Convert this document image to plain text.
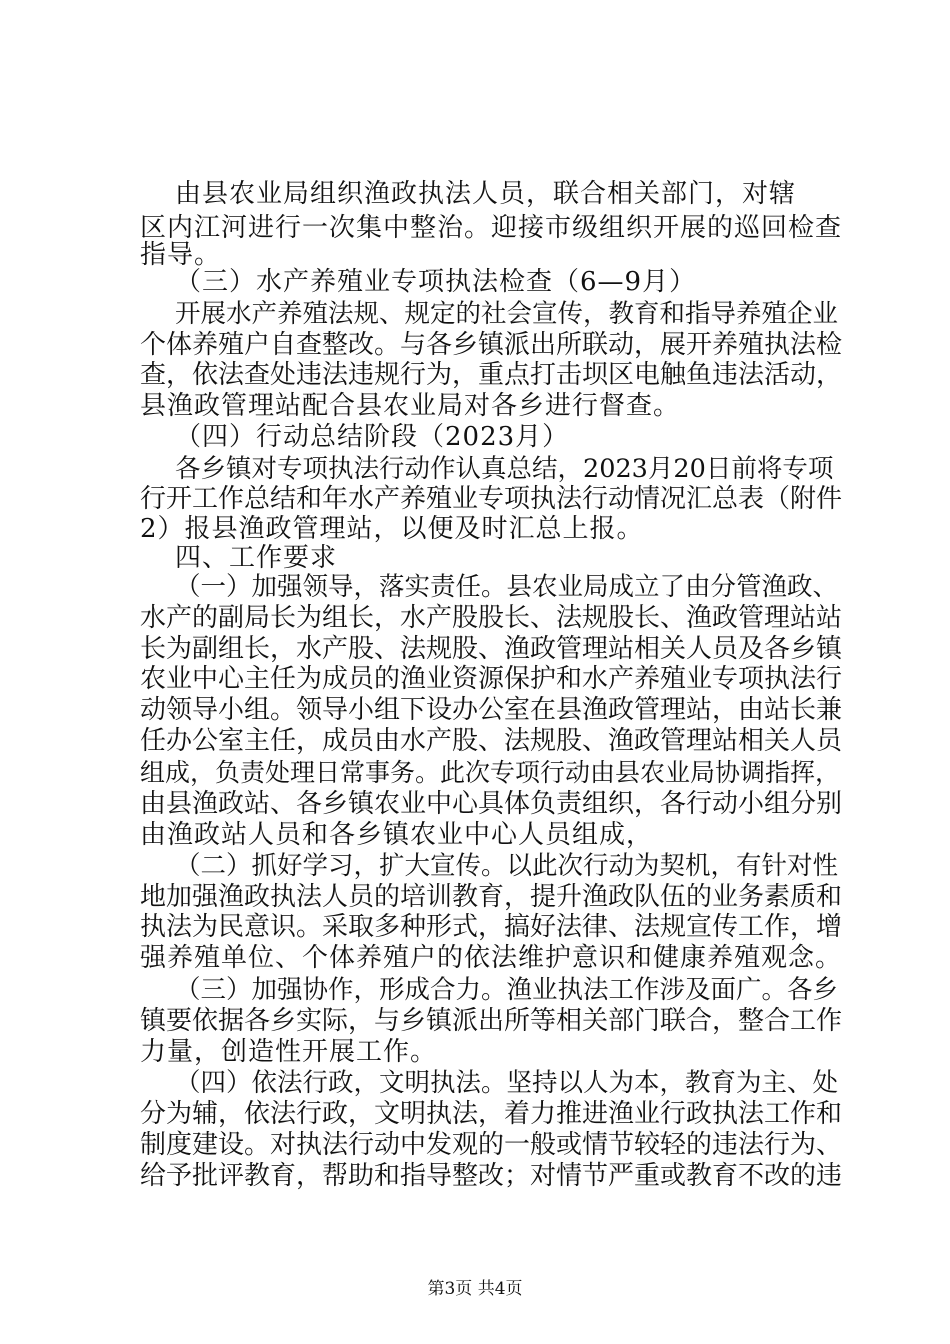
由县农业局组织渔政执法人员，联合相关部门，对辖
区内江河进行一次集中整治。迎接市级组织开展的巡回检查
指导。
（三）水产养殖业专项执法检查（6—9月）
开展水产养殖法规、规定的社会宣传，教育和指导养殖企业
个体养殖户自查整改。与各乡镇派出所联动，展开养殖执法检
查，依法查处违法违规行为，重点打击坝区电触鱼违法活动，
县渔政管理站配合县农业局对各乡进行督查。
（四）行动总结阶段（2023月）
各乡镇对专项执法行动作认真总结，2023月20日前将专项
行开工作总结和年水产养殖业专项执法行动情况汇总表（附件
2）报县渔政管理站，以便及时汇总上报。
四、工作要求
（一）加强领导，落实责任。县农业局成立了由分管渔政、
水产的副局长为组长，水产股股长、法规股长、渔政管理站站
长为副组长，水产股、法规股、渔政管理站相关人员及各乡镇
农业中心主任为成员的渔业资源保护和水产养殖业专项执法行
动领导小组。领导小组下设办公室在县渔政管理站，由站长兼
任办公室主任，成员由水产股、法规股、渔政管理站相关人员
组成，负责处理日常事务。此次专项行动由县农业局协调指挥，
由县渔政站、各乡镇农业中心具体负责组织，各行动小组分别
由渔政站人员和各乡镇农业中心人员组成，
（二）抓好学习，扩大宣传。以此次行动为契机，有针对性
地加强渔政执法人员的培训教育，提升渔政队伍的业务素质和
执法为民意识。采取多种形式，搞好法律、法规宣传工作，增
强养殖单位、个体养殖户的依法维护意识和健康养殖观念。
（三）加强协作，形成合力。渔业执法工作涉及面广。各乡
镇要依据各乡实际，与乡镇派出所等相关部门联合，整合工作
力量，创造性开展工作。
（四）依法行政，文明执法。坚持以人为本，教育为主、处
分为辅，依法行政，文明执法，着力推进渔业行政执法工作和
制度建设。对执法行动中发观的一般或情节较轻的违法行为、
给予批评教育，帮助和指导整改；对情节严重或教育不改的违
第3页 共4页
